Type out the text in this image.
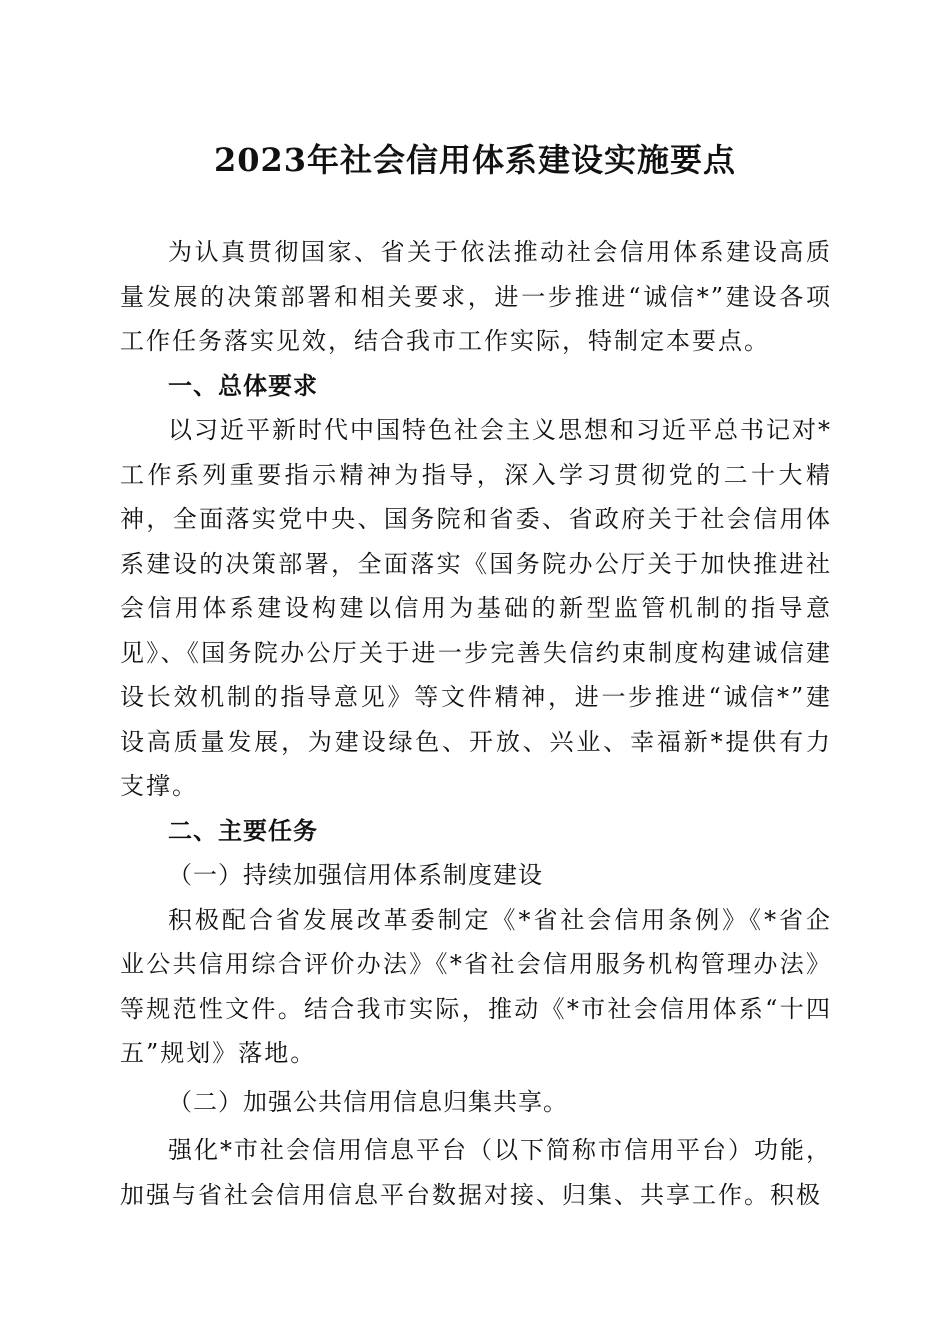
2023年社会信用体系建设实施要点

为认真贯彻国家、省关于依法推动社会信用体系建设高质量发展的决策部署和相关要求，进一步推进“诚信*”建设各项工作任务落实见效，结合我市工作实际，特制定本要点。

一、总体要求

以习近平新时代中国特色社会主义思想和习近平总书记对*工作系列重要指示精神为指导，深入学习贯彻党的二十大精神，全面落实党中央、国务院和省委、省政府关于社会信用体系建设的决策部署，全面落实《国务院办公厅关于加快推进社会信用体系建设构建以信用为基础的新型监管机制的指导意见》、《国务院办公厅关于进一步完善失信约束制度构建诚信建设长效机制的指导意见》等文件精神，进一步推进“诚信*”建设高质量发展，为建设绿色、开放、兴业、幸福新*提供有力支撑。

二、主要任务

（一）持续加强信用体系制度建设

积极配合省发展改革委制定《*省社会信用条例》《*省企业公共信用综合评价办法》《*省社会信用服务机构管理办法》等规范性文件。结合我市实际，推动《*市社会信用体系“十四五”规划》落地。

（二）加强公共信用信息归集共享。

强化*市社会信用信息平台（以下简称市信用平台）功能，加强与省社会信用信息平台数据对接、归集、共享工作。积极
